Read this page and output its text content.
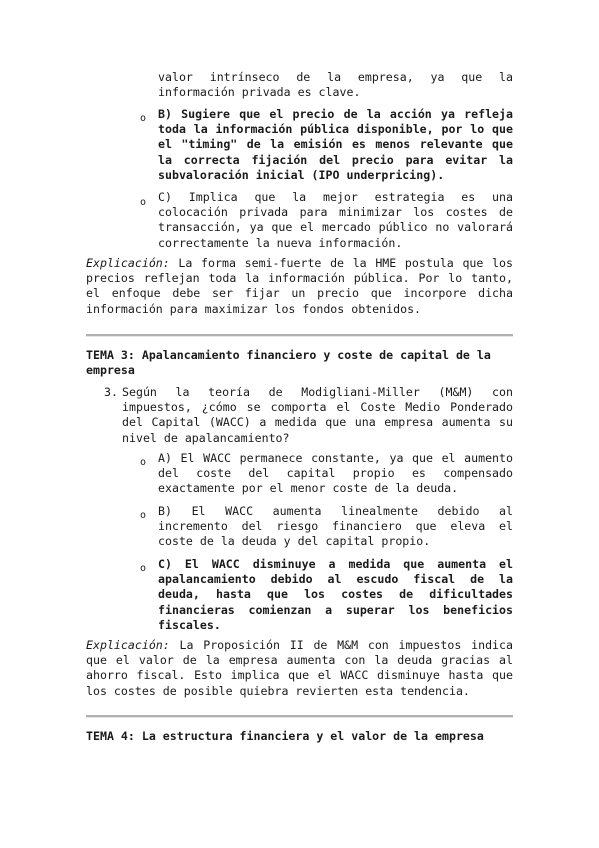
valor intrínseco de la empresa, ya que la
información privada es clave.
o B) Sugiere que el precio de la acción ya refleja toda la información pública disponible, por lo que el "timing" de la emisión es menos relevante que la correcta fijación del precio para evitar la subvaloración inicial (IPO underpricing).
o C) Implica que la mejor estrategia es una colocación privada para minimizar los costes de transacción, ya que el mercado público no valorará correctamente la nueva información.
Explicación: La forma semi-fuerte de la HME postula que los precios reflejan toda la información pública. Por lo tanto, el enfoque debe ser fijar un precio que incorpore dicha información para maximizar los fondos obtenidos.
TEMA 3: Apalancamiento financiero y coste de capital de la empresa
3. Según la teoría de Modigliani-Miller (M&M) con impuestos, ¿cómo se comporta el Coste Medio Ponderado del Capital (WACC) a medida que una empresa aumenta su nivel de apalancamiento?
o A) El WACC permanece constante, ya que el aumento del coste del capital propio es compensado exactamente por el menor coste de la deuda.
o B) El WACC aumenta linealmente debido al incremento del riesgo financiero que eleva el coste de la deuda y del capital propio.
o C) El WACC disminuye a medida que aumenta el apalancamiento debido al escudo fiscal de la deuda, hasta que los costes de dificultades financieras comienzan a superar los beneficios fiscales.
Explicación: La Proposición II de M&M con impuestos indica que el valor de la empresa aumenta con la deuda gracias al ahorro fiscal. Esto implica que el WACC disminuye hasta que los costes de posible quiebra revierten esta tendencia.
TEMA 4: La estructura financiera y el valor de la empresa
